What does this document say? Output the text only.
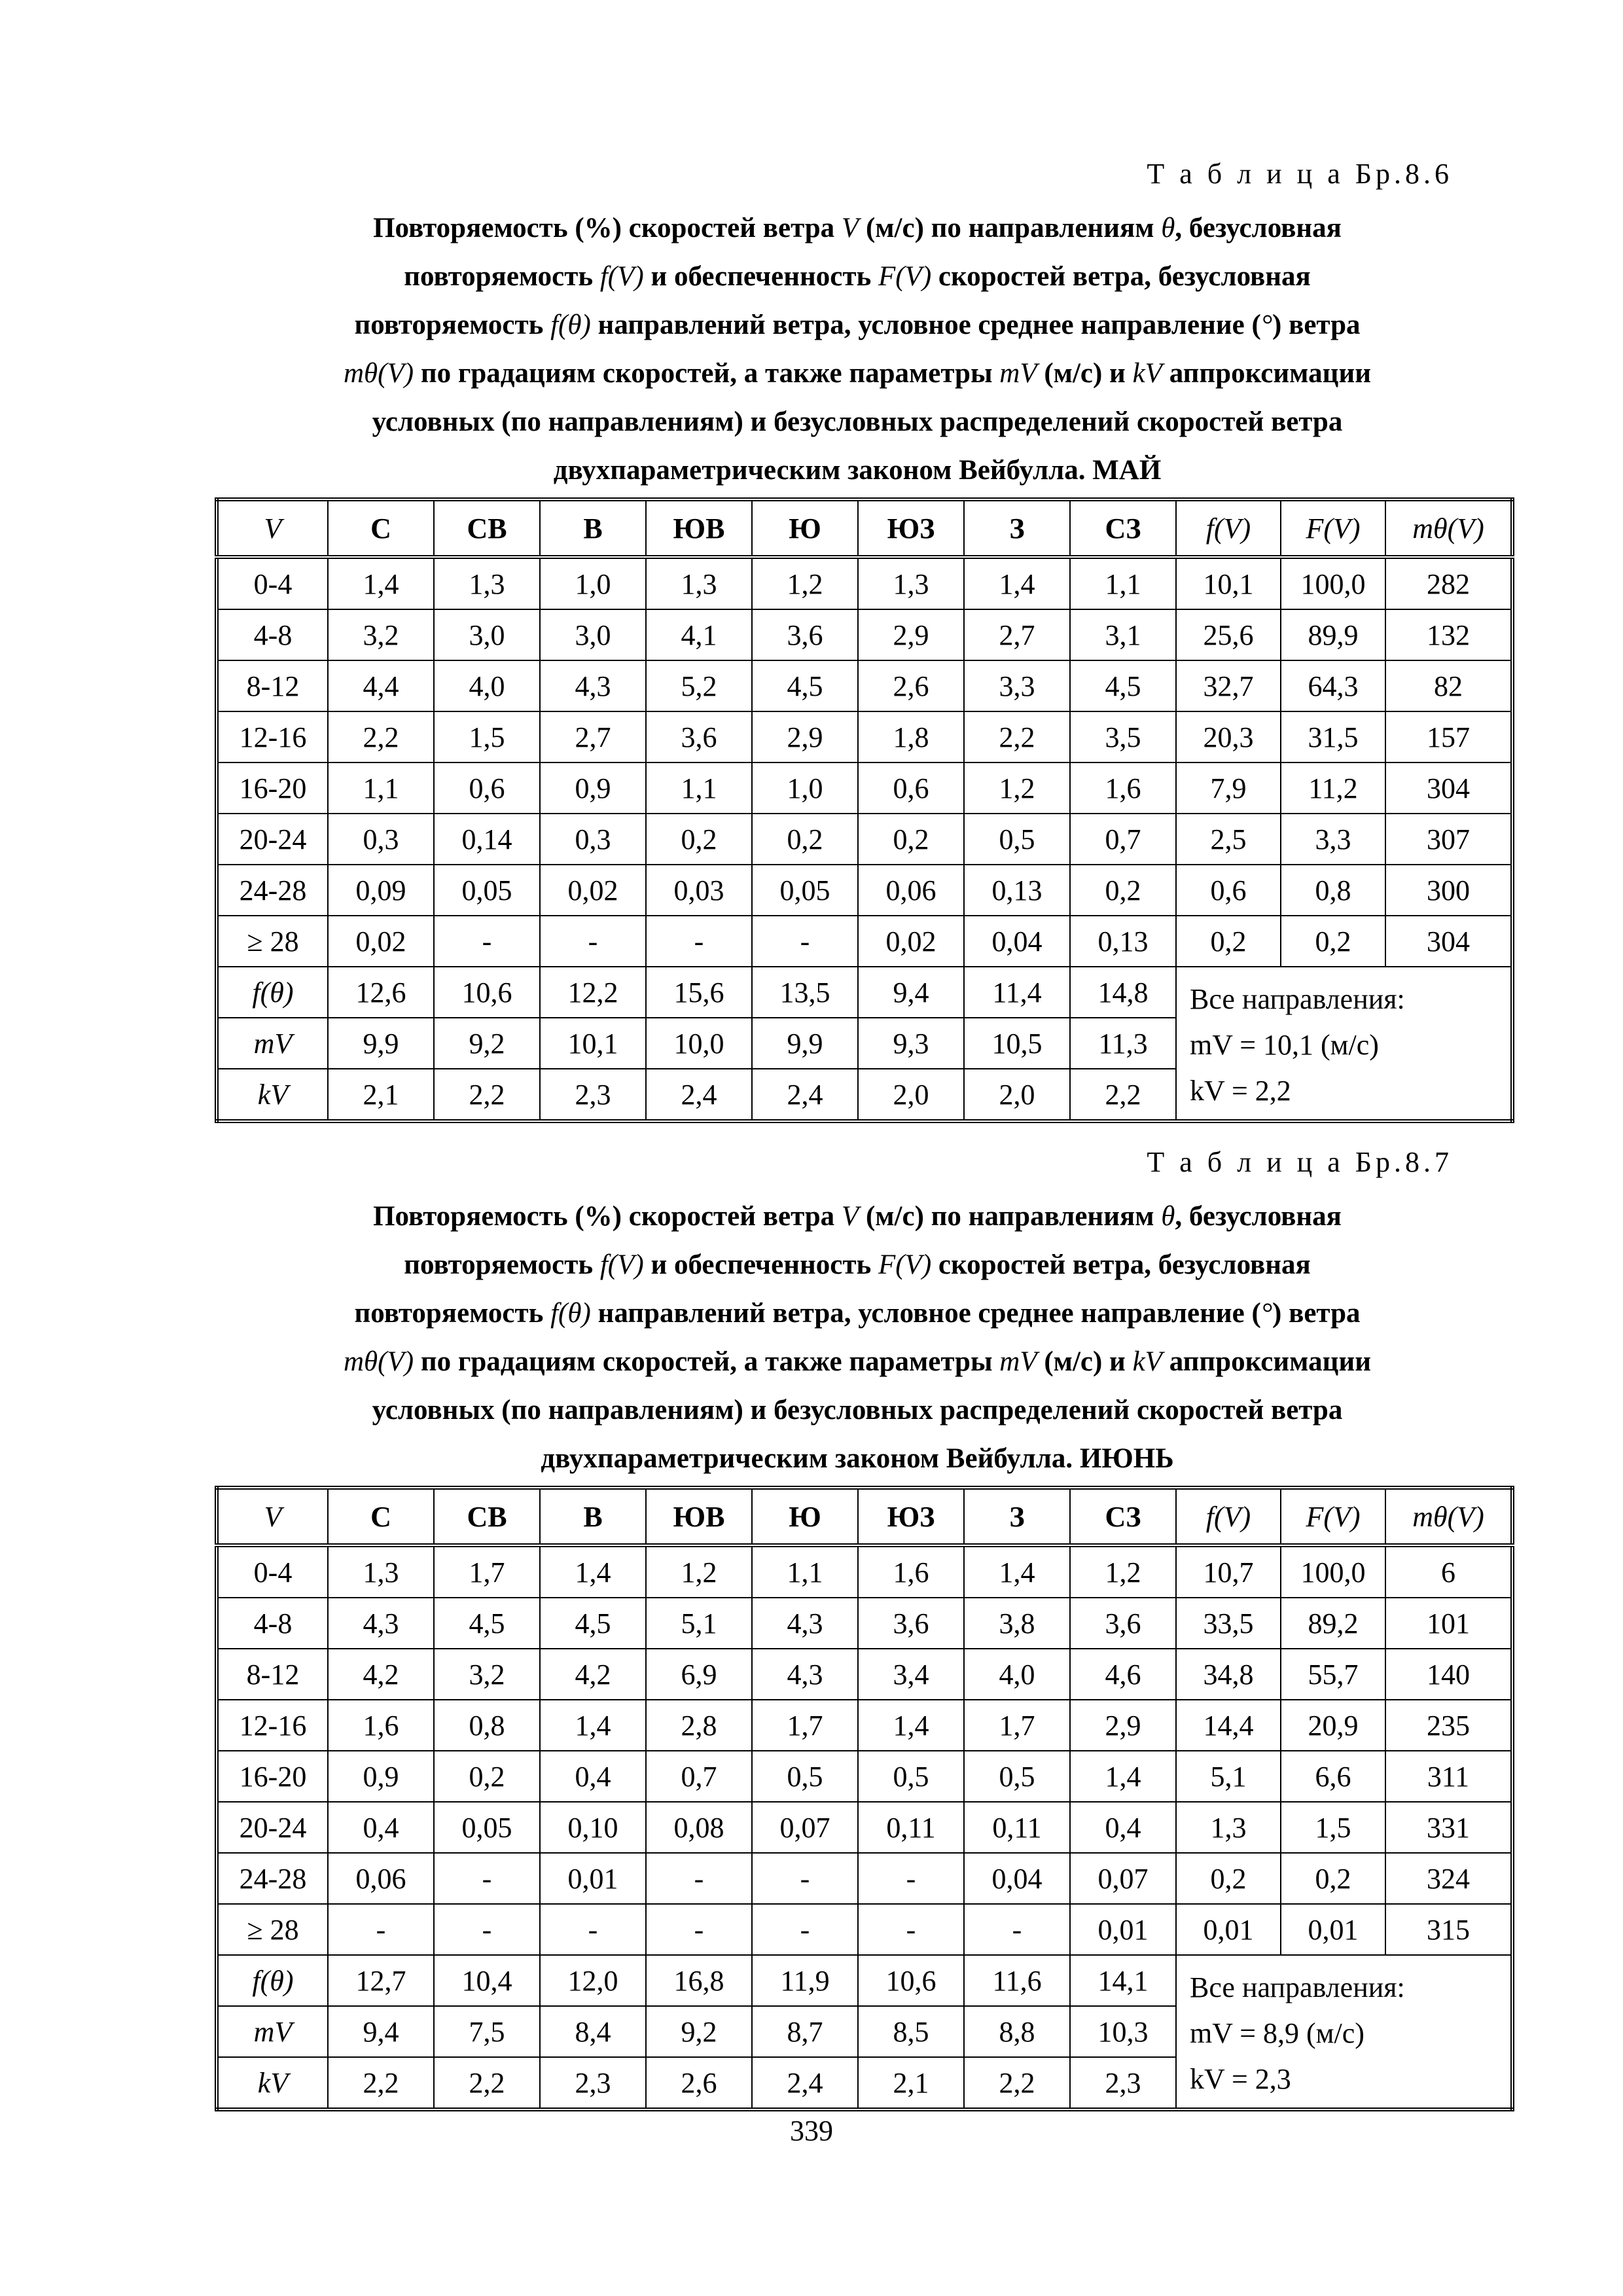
Т а б л и ц а Бр.8.6
Повторяемость (%) скоростей ветра V (м/с) по направлениям θ, безусловная
повторяемость f(V) и обеспеченность F(V) скоростей ветра, безусловная
повторяемость f(θ) направлений ветра, условное среднее направление (°) ветра
mθ(V) по градациям скоростей, а также параметры mV (м/с) и kV аппроксимации
условных (по направлениям) и безусловных распределений скоростей ветра
двухпараметрическим законом Вейбулла. МАЙ
V	С	СВ	В	ЮВ	Ю	ЮЗ	З	СЗ	f(V)	F(V)	mθ(V)
0-4	1,4	1,3	1,0	1,3	1,2	1,3	1,4	1,1	10,1	100,0	282
4-8	3,2	3,0	3,0	4,1	3,6	2,9	2,7	3,1	25,6	89,9	132
8-12	4,4	4,0	4,3	5,2	4,5	2,6	3,3	4,5	32,7	64,3	82
12-16	2,2	1,5	2,7	3,6	2,9	1,8	2,2	3,5	20,3	31,5	157
16-20	1,1	0,6	0,9	1,1	1,0	0,6	1,2	1,6	7,9	11,2	304
20-24	0,3	0,14	0,3	0,2	0,2	0,2	0,5	0,7	2,5	3,3	307
24-28	0,09	0,05	0,02	0,03	0,05	0,06	0,13	0,2	0,6	0,8	300
≥ 28	0,02	-	-	-	-	0,02	0,04	0,13	0,2	0,2	304
f(θ)	12,6	10,6	12,2	15,6	13,5	9,4	11,4	14,8	Все направления:
mV = 10,1 (м/с)
kV = 2,2		

mV	9,9	9,2	10,1	10,0	9,9	9,3	10,5	11,3			
kV	2,1	2,2	2,3	2,4	2,4	2,0	2,0	2,2			
Т а б л и ц а Бр.8.7
Повторяемость (%) скоростей ветра V (м/с) по направлениям θ, безусловная
повторяемость f(V) и обеспеченность F(V) скоростей ветра, безусловная
повторяемость f(θ) направлений ветра, условное среднее направление (°) ветра
mθ(V) по градациям скоростей, а также параметры mV (м/с) и kV аппроксимации
условных (по направлениям) и безусловных распределений скоростей ветра
двухпараметрическим законом Вейбулла. ИЮНЬ
V	С	СВ	В	ЮВ	Ю	ЮЗ	З	СЗ	f(V)	F(V)	mθ(V)
0-4	1,3	1,7	1,4	1,2	1,1	1,6	1,4	1,2	10,7	100,0	6
4-8	4,3	4,5	4,5	5,1	4,3	3,6	3,8	3,6	33,5	89,2	101
8-12	4,2	3,2	4,2	6,9	4,3	3,4	4,0	4,6	34,8	55,7	140
12-16	1,6	0,8	1,4	2,8	1,7	1,4	1,7	2,9	14,4	20,9	235
16-20	0,9	0,2	0,4	0,7	0,5	0,5	0,5	1,4	5,1	6,6	311
20-24	0,4	0,05	0,10	0,08	0,07	0,11	0,11	0,4	1,3	1,5	331
24-28	0,06	-	0,01	-	-	-	0,04	0,07	0,2	0,2	324
≥ 28	-	-	-	-	-	-	-	0,01	0,01	0,01	315
f(θ)	12,7	10,4	12,0	16,8	11,9	10,6	11,6	14,1	Все направления:
mV = 8,9 (м/с)
kV = 2,3		

mV	9,4	7,5	8,4	9,2	8,7	8,5	8,8	10,3			
kV	2,2	2,2	2,3	2,6	2,4	2,1	2,2	2,3			
339
